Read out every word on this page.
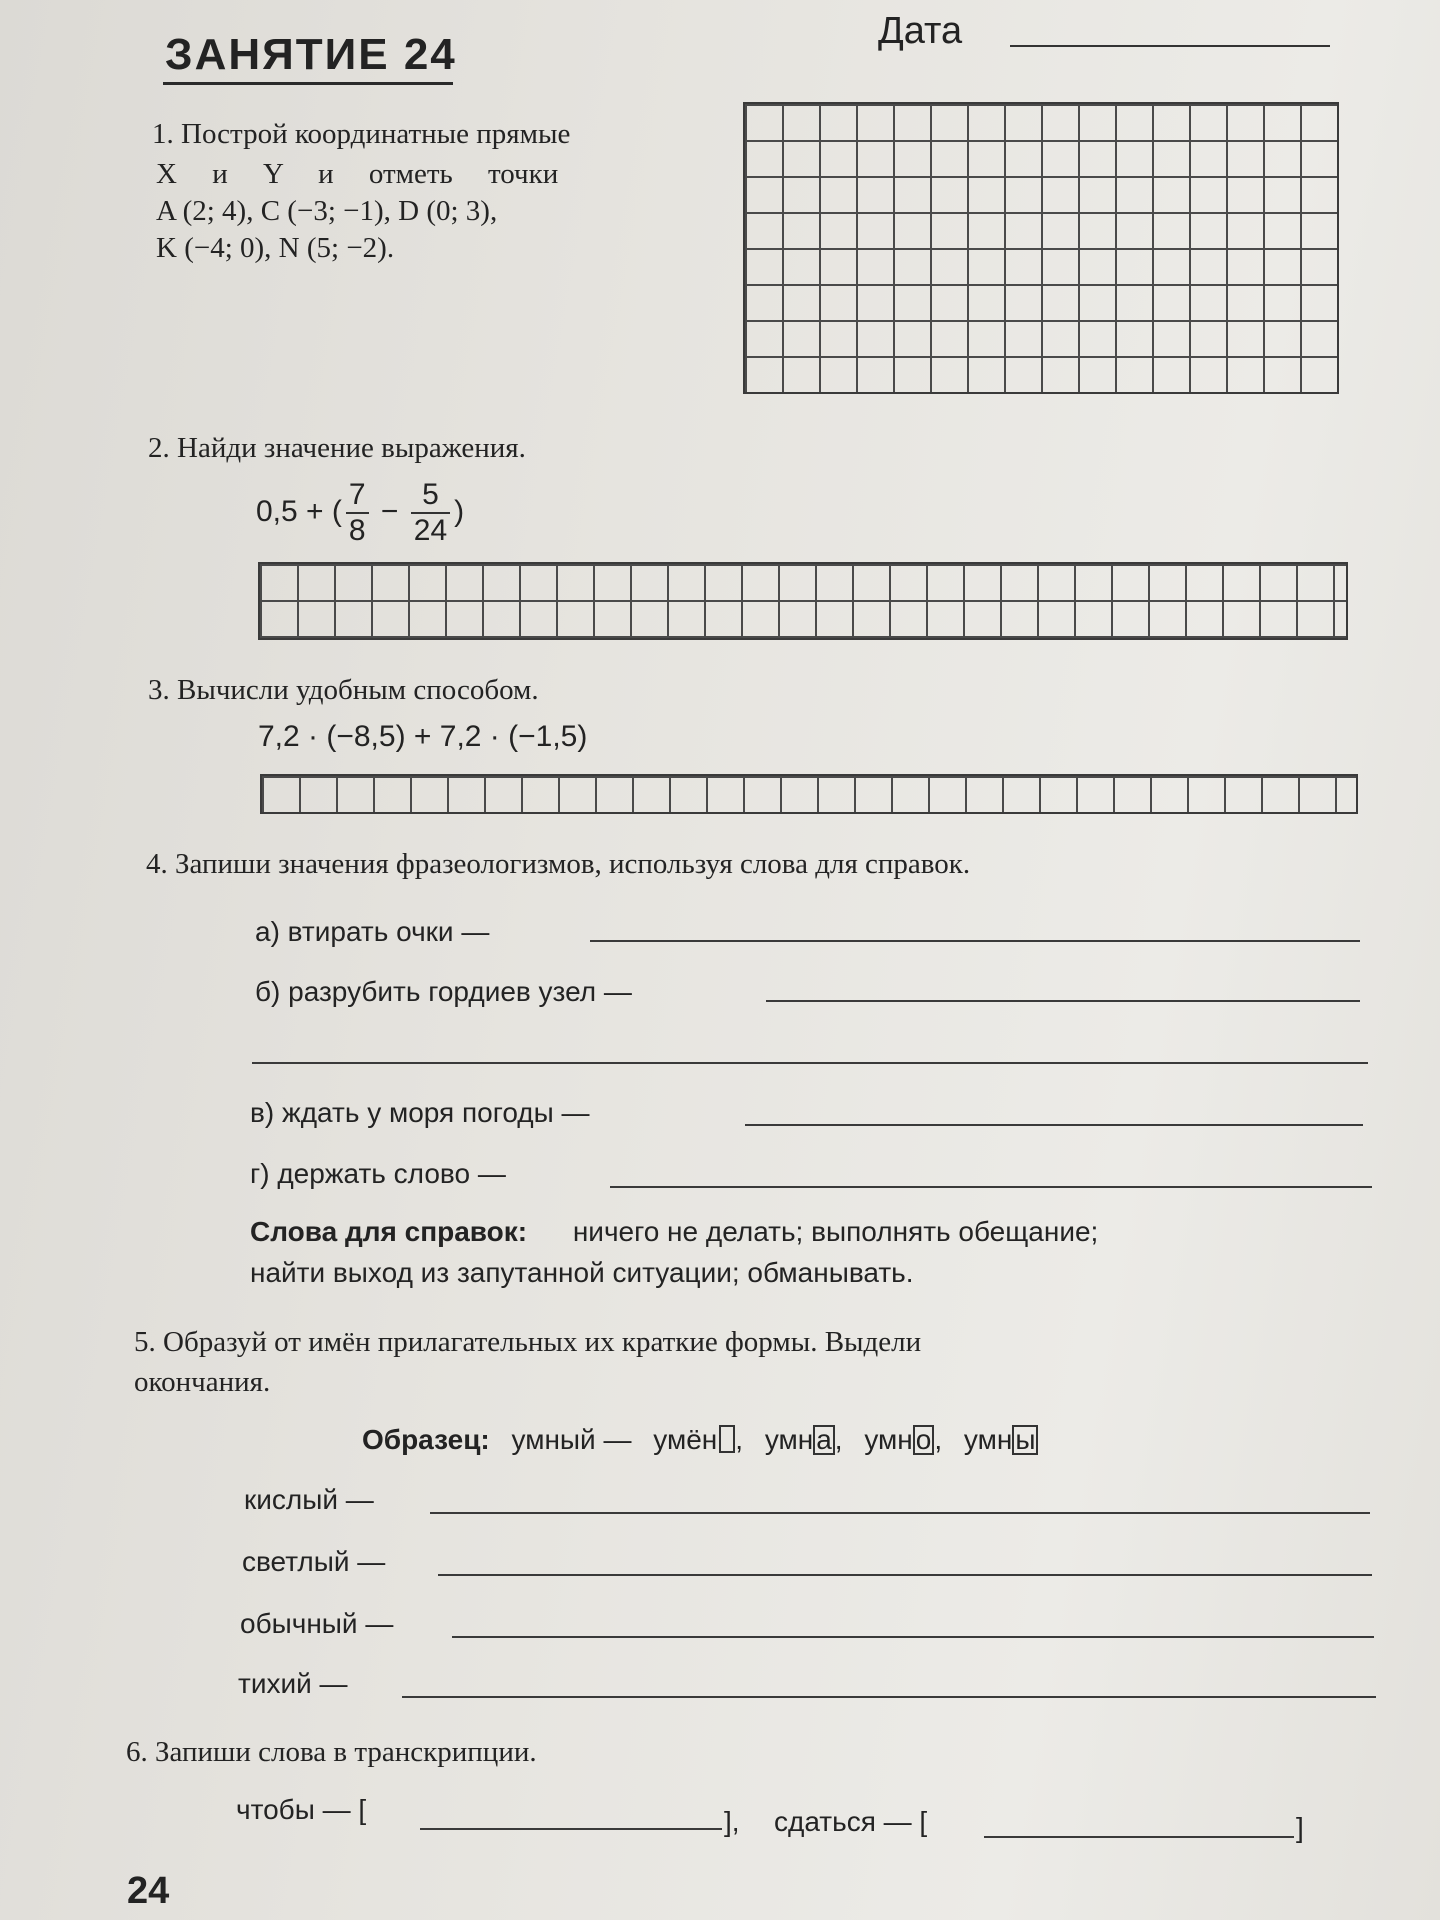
ЗАНЯТИЕ 24	Дата
1. Построй координатные прямые
X и Y и отметь точки
A (2; 4), C (−3; −1), D (0; 3),
K (−4; 0), N (5; −2).
2. Найди значение выражения.
0,5 + ( $\frac{7}{8} - \frac{5}{24}$ )
3. Вычисли удобным способом.
7,2 · (−8,5) + 7,2 · (−1,5)
4. Запиши значения фразеологизмов, используя слова для справок.
а) втирать очки —
б) разрубить гордиев узел —
в) ждать у моря погоды —
г) держать слово —
Слова для справок: ничего не делать; выполнять обещание;
найти выход из запутанной ситуации; обманывать.
5. Образуй от имён прилагательных их краткие формы. Выдели
окончания.
Образец: умный — умён , умн а , умн о , умн ы
кислый —
светлый —
обычный —
тихий —
6. Запиши слова в транскрипции.
чтобы — [	], сдаться — [	]
24
